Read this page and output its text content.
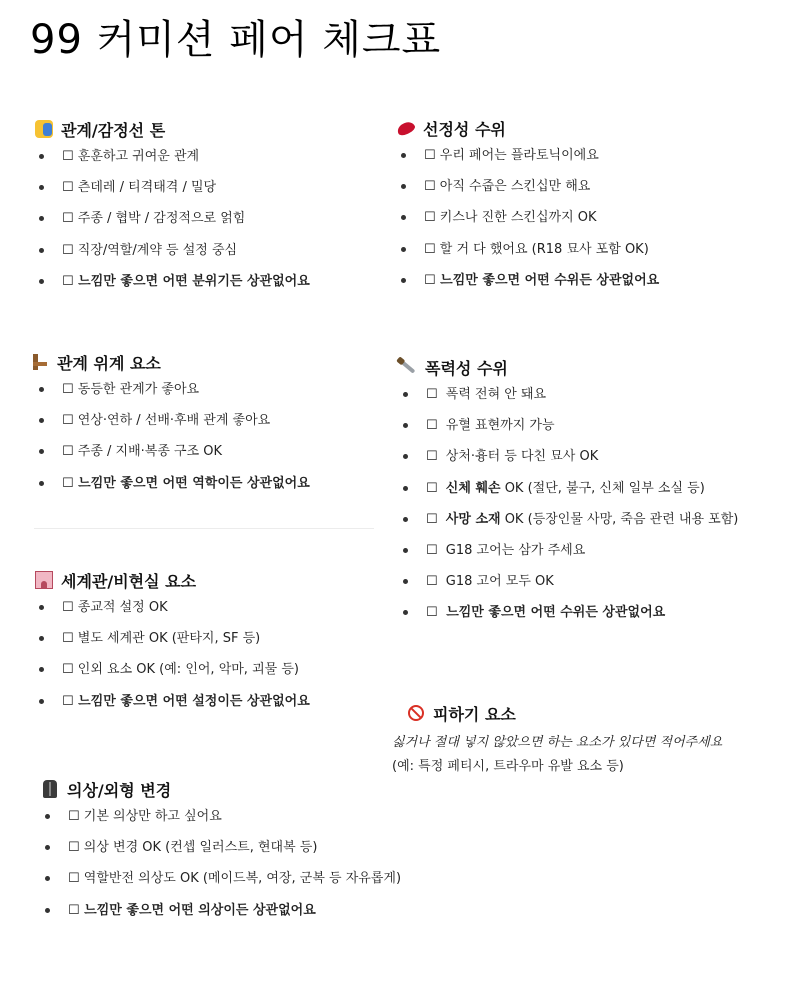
99 커미션 페어 체크표
관계/감정선 톤
☐ 훈훈하고 귀여운 관계
☐ 츤데레 / 티격태격 / 밀당
☐ 주종 / 협박 / 감정적으로 얽힘
☐ 직장/역할/계약 등 설정 중심
☐ 느낌만 좋으면 어떤 분위기든 상관없어요
선정성 수위
☐ 우리 페어는 플라토닉이에요
☐ 아직 수줍은 스킨십만 해요
☐ 키스나 진한 스킨십까지 OK
☐ 할 거 다 했어요 (R18 묘사 포함 OK)
☐ 느낌만 좋으면 어떤 수위든 상관없어요
관계 위계 요소
☐ 동등한 관계가 좋아요
☐ 연상·연하 / 선배·후배 관계 좋아요
☐ 주종 / 지배·복종 구조 OK
☐ 느낌만 좋으면 어떤 역학이든 상관없어요
폭력성 수위
☐ 폭력 전혀 안 돼요
☐ 유혈 표현까지 가능
☐ 상처·흉터 등 다친 묘사 OK
☐ 신체 훼손 OK (절단, 불구, 신체 일부 소실 등)
☐ 사망 소재 OK (등장인물 사망, 죽음 관련 내용 포함)
☐ G18 고어는 삼가 주세요
☐ G18 고어 모두 OK
☐ 느낌만 좋으면 어떤 수위든 상관없어요
세계관/비현실 요소
☐ 종교적 설정 OK
☐ 별도 세계관 OK (판타지, SF 등)
☐ 인외 요소 OK (예: 인어, 악마, 괴물 등)
☐ 느낌만 좋으면 어떤 설정이든 상관없어요
피하기 요소
싫거나 절대 넣지 않았으면 하는 요소가 있다면 적어주세요
(예: 특정 페티시, 트라우마 유발 요소 등)
의상/외형 변경
☐ 기본 의상만 하고 싶어요
☐ 의상 변경 OK (컨셉 일러스트, 현대복 등)
☐ 역할반전 의상도 OK (메이드복, 여장, 군복 등 자유롭게)
☐ 느낌만 좋으면 어떤 의상이든 상관없어요
